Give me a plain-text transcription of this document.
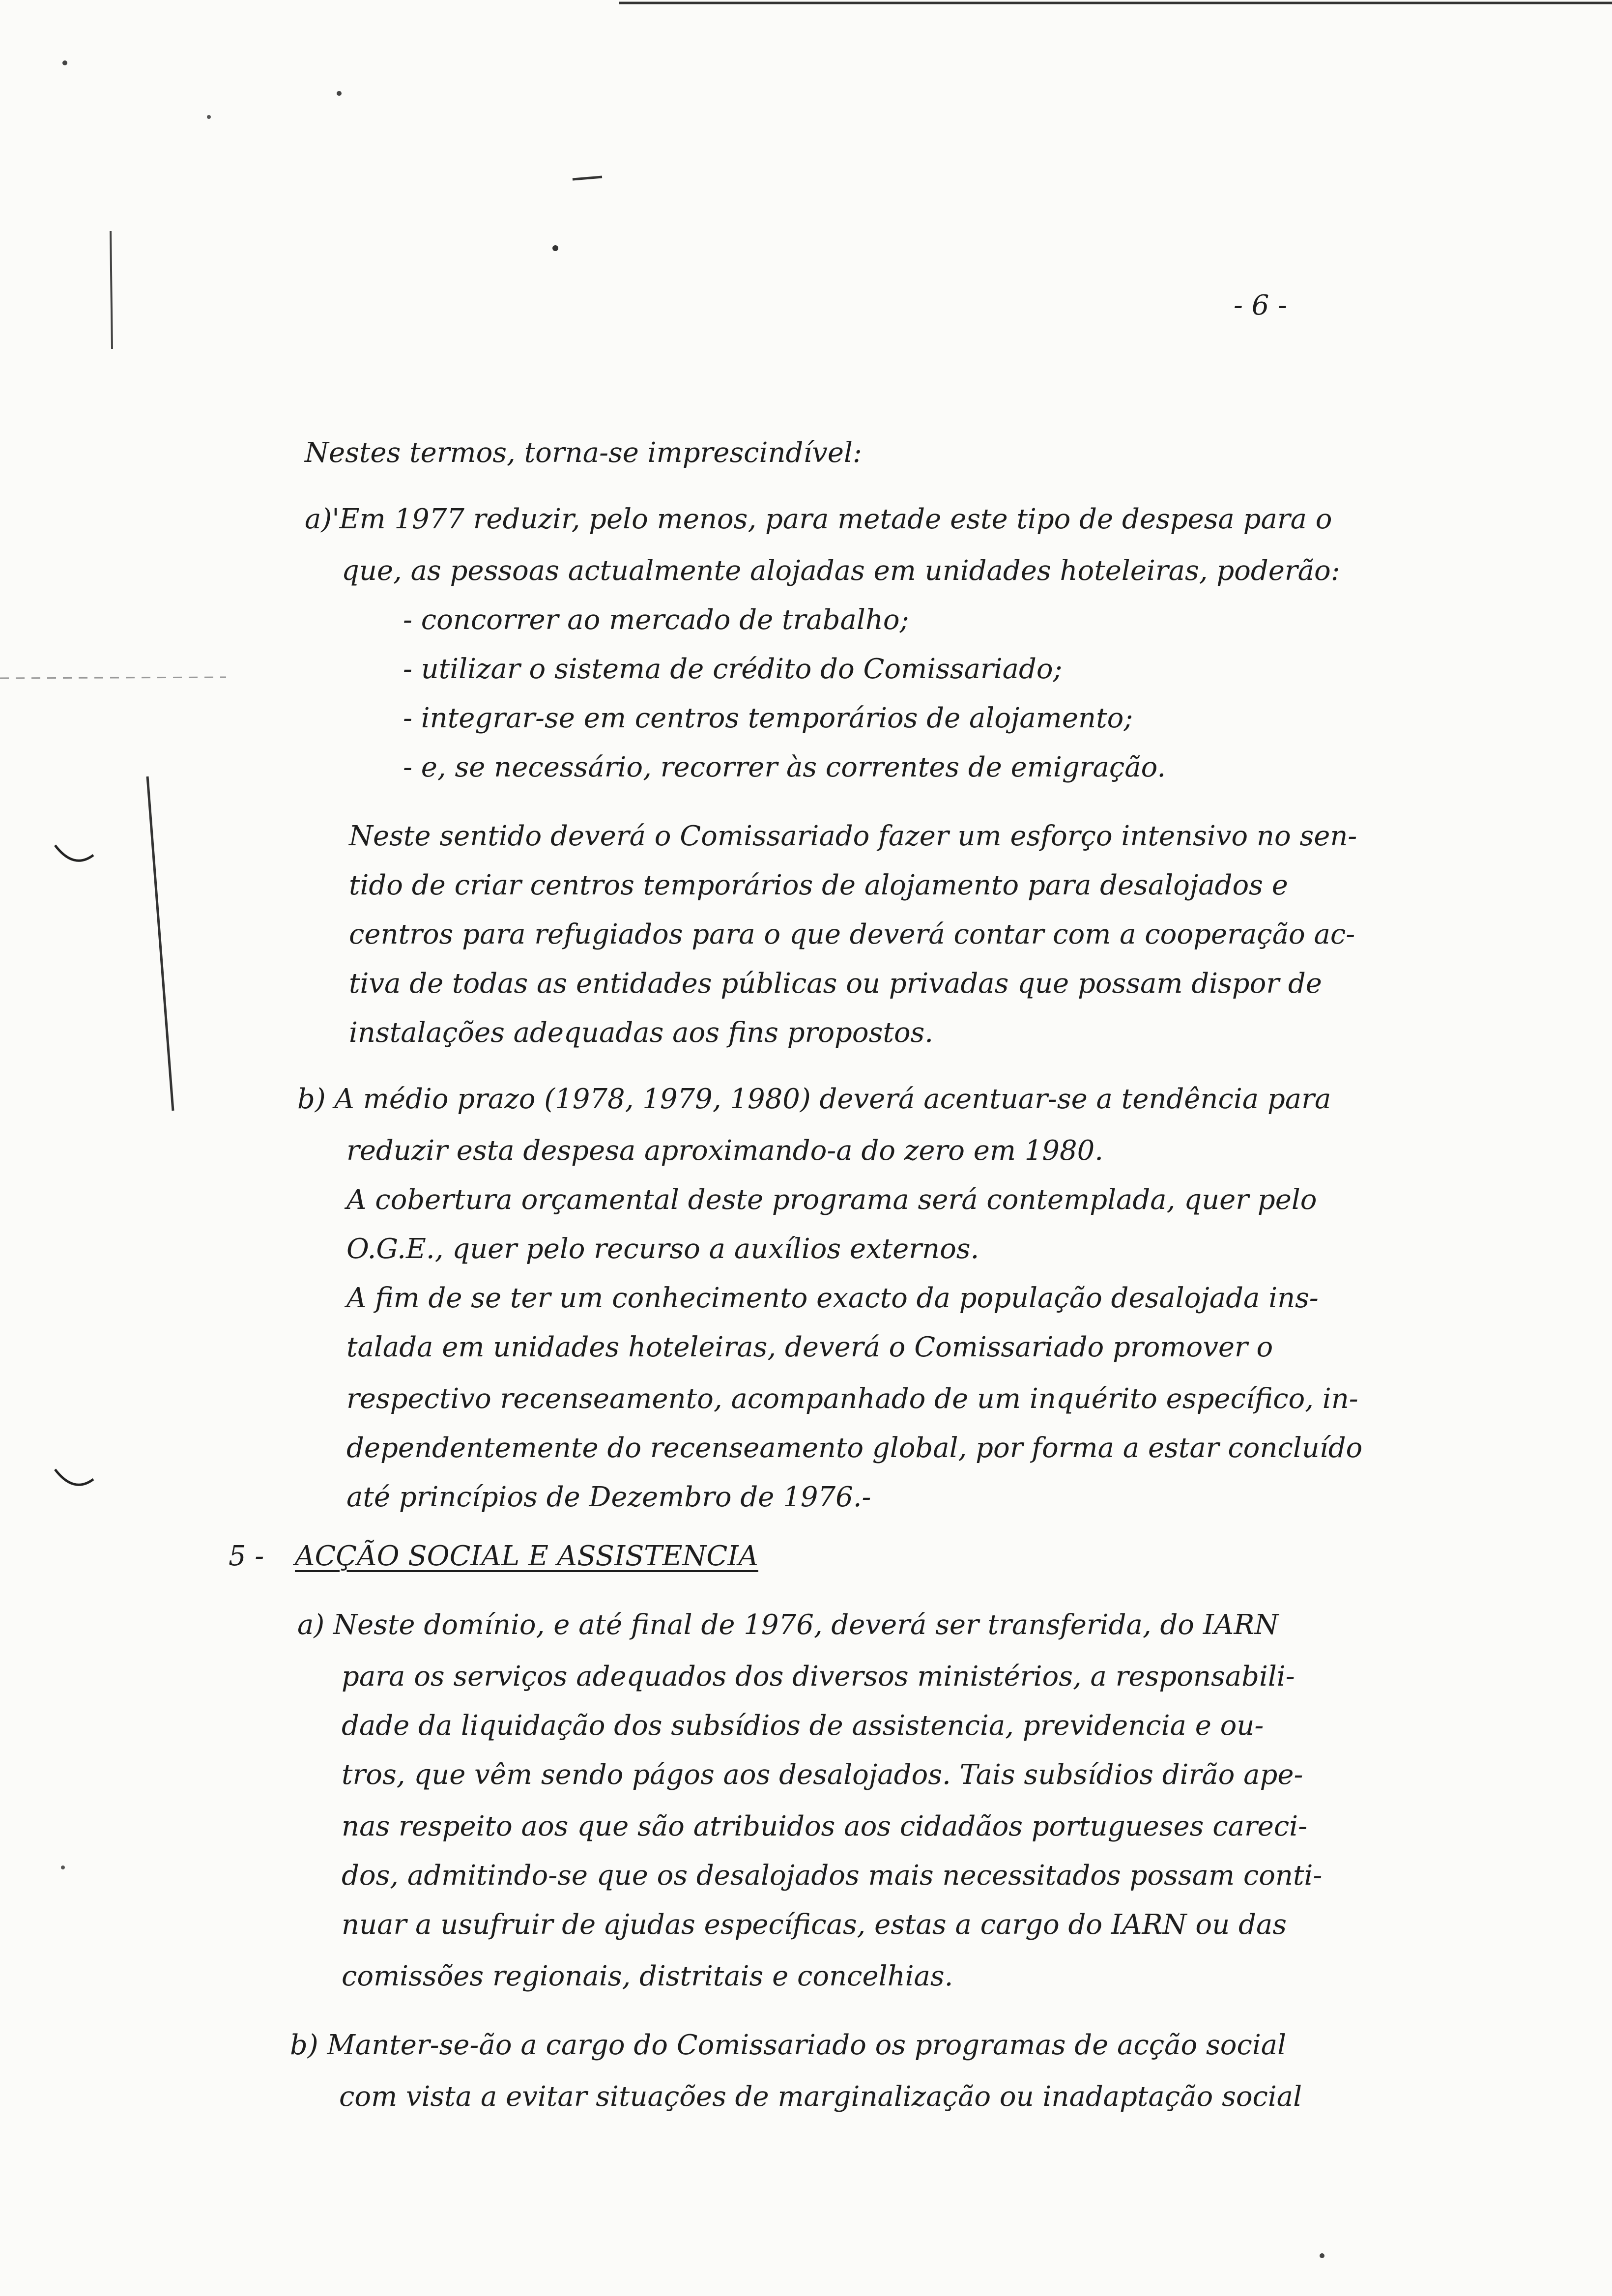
- 6 -
Nestes termos, torna-se imprescindível:
a)'Em 1977 reduzir, pelo menos, para metade este tipo de despesa para o
que, as pessoas actualmente alojadas em unidades hoteleiras, poderão:
- concorrer ao mercado de trabalho;
- utilizar o sistema de crédito do Comissariado;
- integrar-se em centros temporários de alojamento;
- e, se necessário, recorrer às correntes de emigração.
Neste sentido deverá o Comissariado fazer um esforço intensivo no sen-
tido de criar centros temporários de alojamento para desalojados e
centros para refugiados para o que deverá contar com a cooperação ac-
tiva de todas as entidades públicas ou privadas que possam dispor de
instalações adequadas aos fins propostos.
b) A médio prazo (1978, 1979, 1980) deverá acentuar-se a tendência para
reduzir esta despesa aproximando-a do zero em 1980.
A cobertura orçamental deste programa será contemplada, quer pelo
O.G.E., quer pelo recurso a auxílios externos.
A fim de se ter um conhecimento exacto da população desalojada ins-
talada em unidades hoteleiras, deverá o Comissariado promover o
respectivo recenseamento, acompanhado de um inquérito específico, in-
dependentemente do recenseamento global, por forma a estar concluído
até princípios de Dezembro de 1976.-
5 - ACÇÃO SOCIAL E ASSISTENCIA
a) Neste domínio, e até final de 1976, deverá ser transferida, do IARN
para os serviços adequados dos diversos ministérios, a responsabili-
dade da liquidação dos subsídios de assistencia, previdencia e ou-
tros, que vêm sendo págos aos desalojados. Tais subsídios dirão ape-
nas respeito aos que são atribuidos aos cidadãos portugueses careci-
dos, admitindo-se que os desalojados mais necessitados possam conti-
nuar a usufruir de ajudas específicas, estas a cargo do IARN ou das
comissões regionais, distritais e concelhias.
b) Manter-se-ão a cargo do Comissariado os programas de acção social
com vista a evitar situações de marginalização ou inadaptação social
